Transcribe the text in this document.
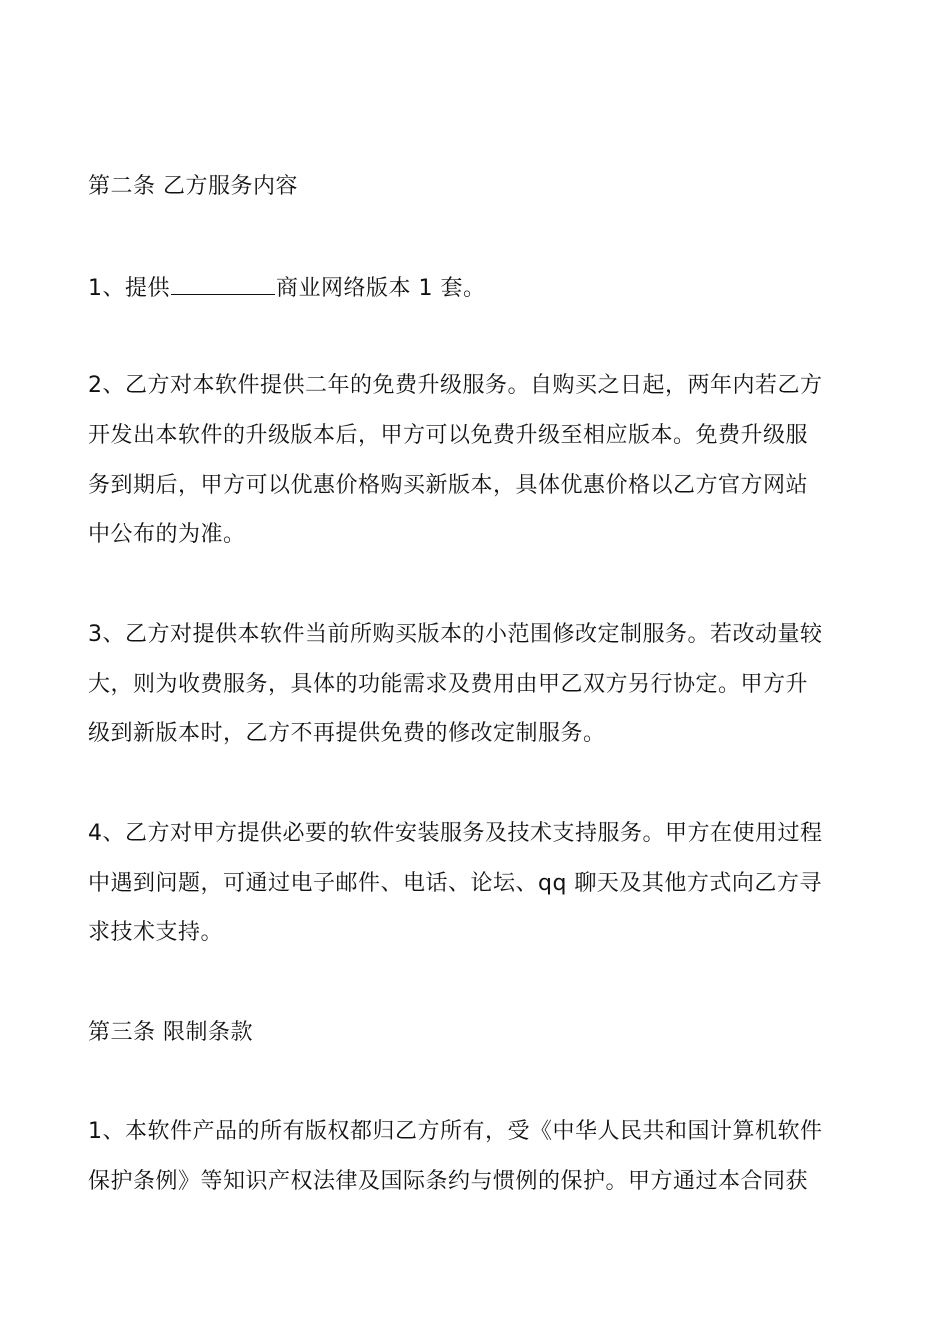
第二条 乙方服务内容
1、提供	商业网络版本 1 套。
2、乙方对本软件提供二年的免费升级服务。自购买之日起，两年内若乙方
开发出本软件的升级版本后，甲方可以免费升级至相应版本。免费升级服
务到期后，甲方可以优惠价格购买新版本，具体优惠价格以乙方官方网站
中公布的为准。
3、乙方对提供本软件当前所购买版本的小范围修改定制服务。若改动量较
大，则为收费服务，具体的功能需求及费用由甲乙双方另行协定。甲方升
级到新版本时，乙方不再提供免费的修改定制服务。
4、乙方对甲方提供必要的软件安装服务及技术支持服务。甲方在使用过程
中遇到问题，可通过电子邮件、电话、论坛、qq 聊天及其他方式向乙方寻
求技术支持。
第三条 限制条款
1、本软件产品的所有版权都归乙方所有，受《中华人民共和国计算机软件
保护条例》等知识产权法律及国际条约与惯例的保护。甲方通过本合同获
